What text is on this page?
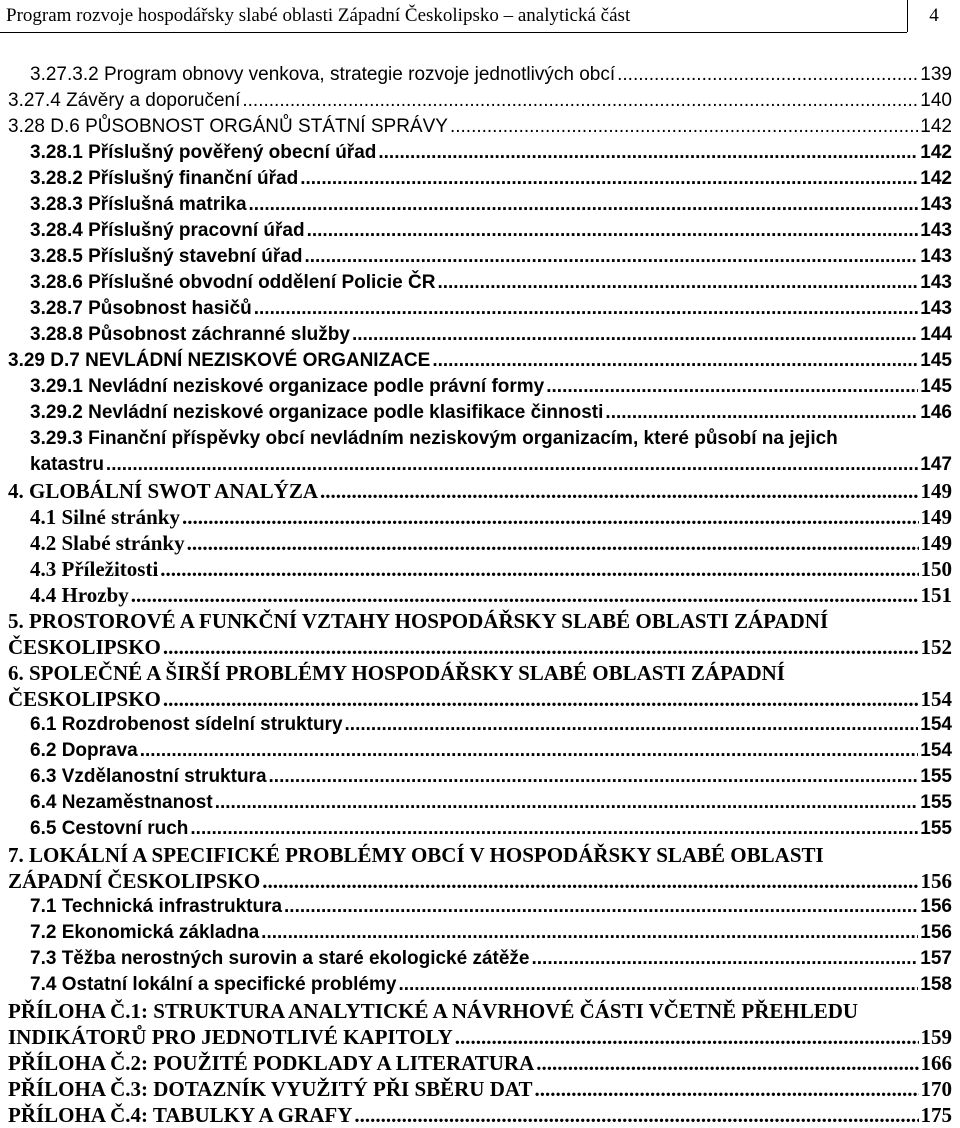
Program rozvoje hospodářsky slabé oblasti Západní Českolipsko – analytická část	4
3.27.3.2 Program obnovy venkova, strategie rozvoje jednotlivých obcí .....	139
3.27.4 Závěry a doporučení .....	140
3.28 D.6 PŮSOBNOST ORGÁNŮ STÁTNÍ SPRÁVY .....	142
3.28.1 Příslušný pověřený obecní úřad .....	142
3.28.2 Příslušný finanční úřad .....	142
3.28.3 Příslušná matrika .....	143
3.28.4 Příslušný pracovní úřad .....	143
3.28.5 Příslušný stavební úřad .....	143
3.28.6 Příslušné obvodní oddělení Policie ČR .....	143
3.28.7 Působnost hasičů .....	143
3.28.8 Působnost záchranné služby .....	144
3.29 D.7 NEVLÁDNÍ NEZISKOVÉ ORGANIZACE .....	145
3.29.1 Nevládní neziskové organizace podle právní formy .....	145
3.29.2 Nevládní neziskové organizace podle klasifikace činnosti .....	146
3.29.3 Finanční příspěvky obcí nevládním neziskovým organizacím, které působí na jejich
katastru .....	147
4. GLOBÁLNÍ SWOT ANALÝZA .....	149
4.1 Silné stránky .....	149
4.2 Slabé stránky .....	149
4.3 Příležitosti .....	150
4.4 Hrozby .....	151
5. PROSTOROVÉ A FUNKČNÍ VZTAHY HOSPODÁŘSKY SLABÉ OBLASTI ZÁPADNÍ
ČESKOLIPSKO .....	152
6. SPOLEČNÉ A ŠIRŠÍ PROBLÉMY HOSPODÁŘSKY SLABÉ OBLASTI ZÁPADNÍ
ČESKOLIPSKO .....	154
6.1 Rozdrobenost sídelní struktury .....	154
6.2 Doprava .....	154
6.3 Vzdělanostní struktura .....	155
6.4 Nezaměstnanost .....	155
6.5 Cestovní ruch .....	155
7. LOKÁLNÍ A SPECIFICKÉ PROBLÉMY OBCÍ V HOSPODÁŘSKY SLABÉ OBLASTI
ZÁPADNÍ ČESKOLIPSKO .....	156
7.1 Technická infrastruktura .....	156
7.2 Ekonomická základna .....	156
7.3 Těžba nerostných surovin a staré ekologické zátěže .....	157
7.4 Ostatní lokální a specifické problémy .....	158
PŘÍLOHA Č.1: STRUKTURA ANALYTICKÉ A NÁVRHOVÉ ČÁSTI VČETNĚ PŘEHLEDU
INDIKÁTORŮ PRO JEDNOTLIVÉ KAPITOLY .....	159
PŘÍLOHA Č.2: POUŽITÉ PODKLADY A LITERATURA .....	166
PŘÍLOHA Č.3: DOTAZNÍK VYUŽITÝ PŘI SBĚRU DAT .....	170
PŘÍLOHA Č.4: TABULKY A GRAFY .....	175
